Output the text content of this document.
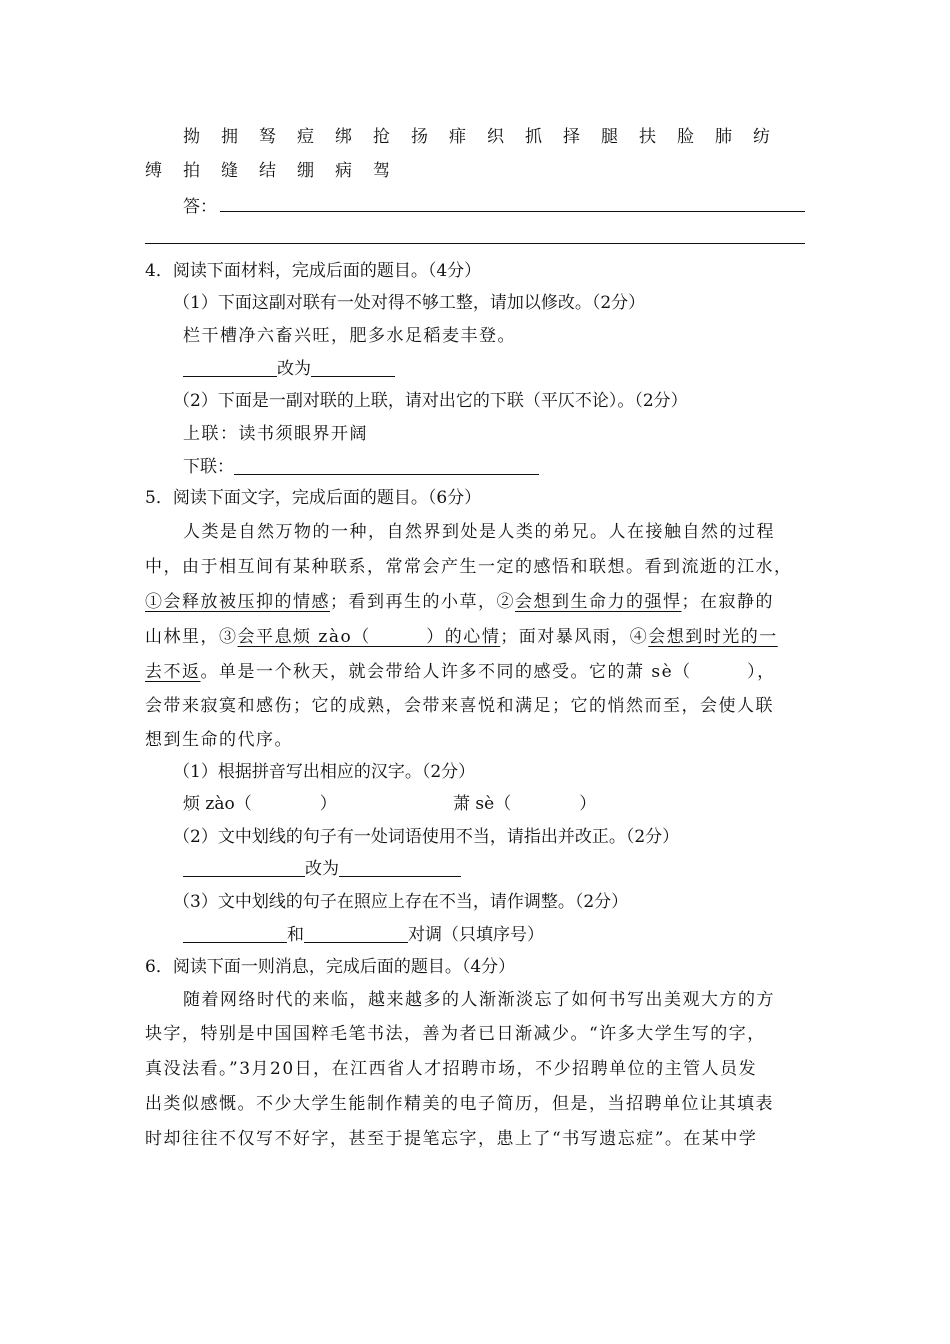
拗拥驽痘绑抢扬痱织抓择腿扶脸肺纺
缚拍缝结绷病驾
答：
4．阅读下面材料，完成后面的题目。（4分）
（1）下面这副对联有一处对得不够工整，请加以修改。（2分）
栏干槽净六畜兴旺，肥多水足稻麦丰登。
改为
（2）下面是一副对联的上联，请对出它的下联（平仄不论）。（2分）
上联：读书须眼界开阔
下联：
5．阅读下面文字，完成后面的题目。（6分）
人类是自然万物的一种，自然界到处是人类的弟兄。人在接触自然的过程
中，由于相互间有某种联系，常常会产生一定的感悟和联想。看到流逝的江水，
①会释放被压抑的情感；看到再生的小草，②会想到生命力的强悍；在寂静的
山林里，③会平息烦 zào（　　　）的心情；面对暴风雨，④会想到时光的一
去不返。单是一个秋天，就会带给人许多不同的感受。它的萧 sè（　　　），
会带来寂寞和感伤；它的成熟，会带来喜悦和满足；它的悄然而至，会使人联
想到生命的代序。
（1）根据拼音写出相应的汉字。（2分）
烦 zào（　　　　）	萧 sè（　　　　）
（2）文中划线的句子有一处词语使用不当，请指出并改正。（2分）
改为
（3）文中划线的句子在照应上存在不当，请作调整。（2分）
和	对调（只填序号）
6．阅读下面一则消息，完成后面的题目。（4分）
随着网络时代的来临，越来越多的人渐渐淡忘了如何书写出美观大方的方
块字，特别是中国国粹毛笔书法，善为者已日渐减少。“许多大学生写的字，
真没法看。”3月20日，在江西省人才招聘市场，不少招聘单位的主管人员发
出类似感慨。不少大学生能制作精美的电子简历，但是，当招聘单位让其填表
时却往往不仅写不好字，甚至于提笔忘字，患上了“书写遗忘症”。在某中学
